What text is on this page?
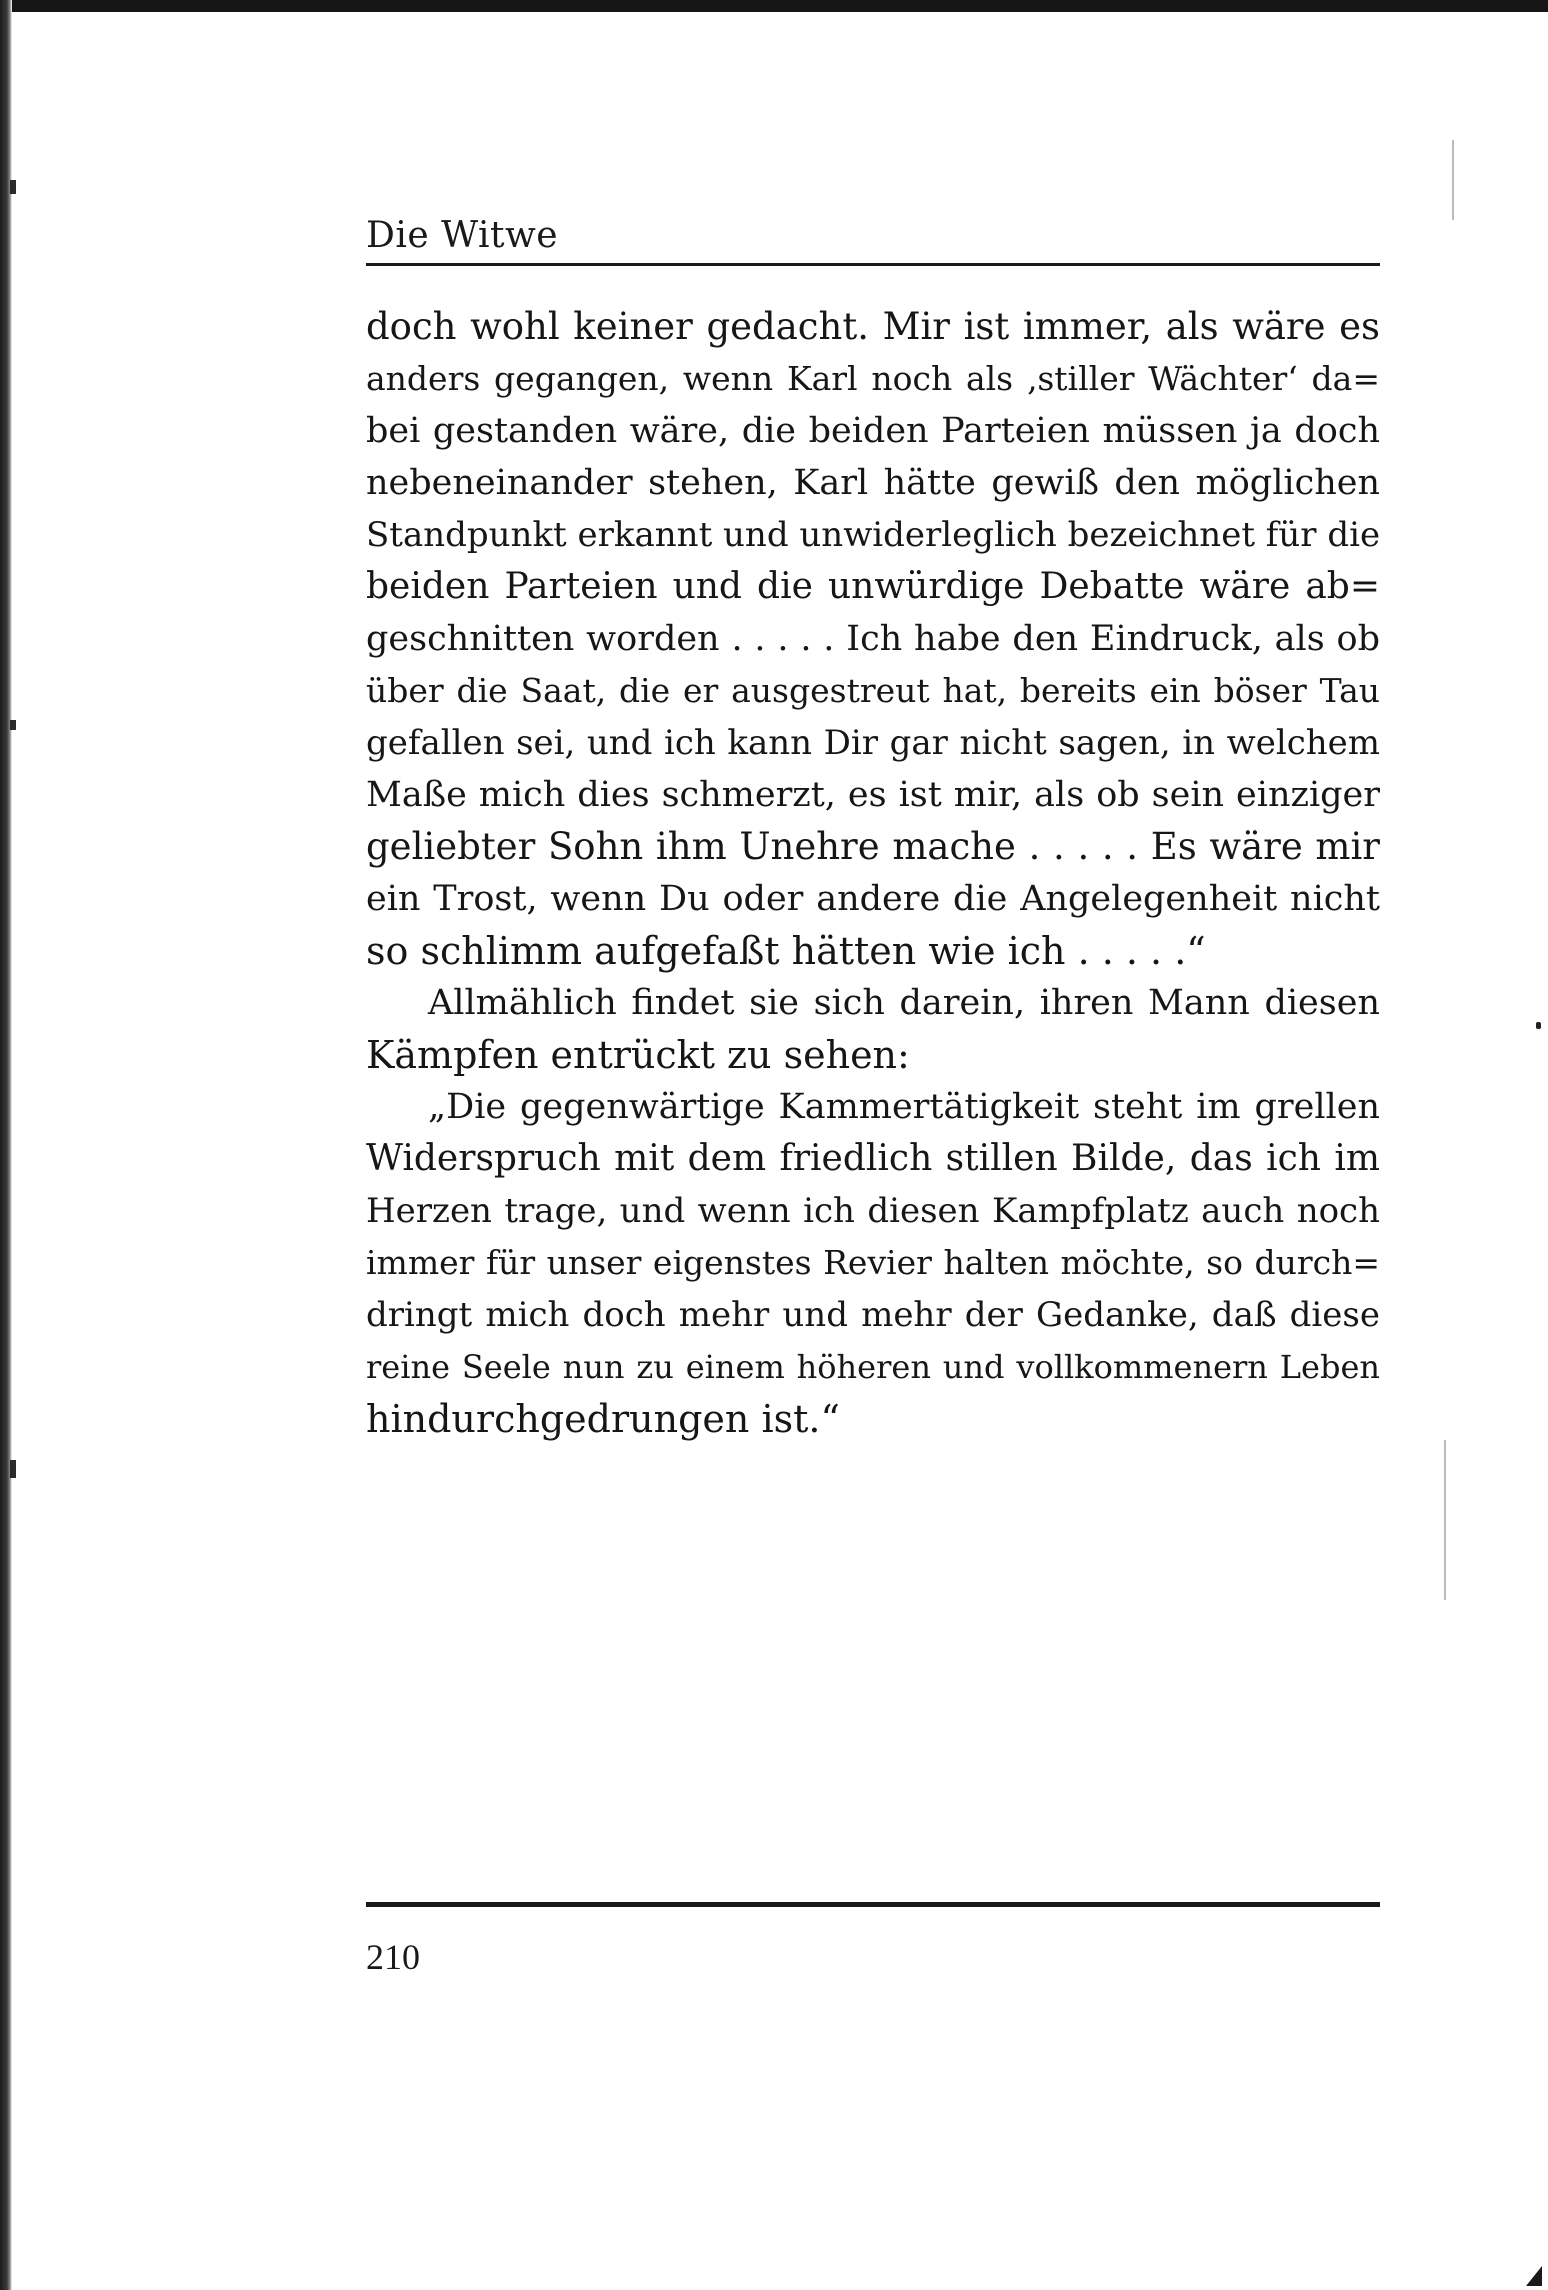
Die Witwe
doch wohl keiner gedacht. Mir ist immer, als wäre es
anders gegangen, wenn Karl noch als ‚stiller Wächter‘ da=
bei gestanden wäre, die beiden Parteien müssen ja doch
nebeneinander stehen, Karl hätte gewiß den möglichen
Standpunkt erkannt und unwiderleglich bezeichnet für die
beiden Parteien und die unwürdige Debatte wäre ab=
geschnitten worden . . . . . Ich habe den Eindruck, als ob
über die Saat, die er ausgestreut hat, bereits ein böser Tau
gefallen sei, und ich kann Dir gar nicht sagen, in welchem
Maße mich dies schmerzt, es ist mir, als ob sein einziger
geliebter Sohn ihm Unehre mache . . . . . Es wäre mir
ein Trost, wenn Du oder andere die Angelegenheit nicht
so schlimm aufgefaßt hätten wie ich . . . . .“
Allmählich findet sie sich darein, ihren Mann diesen
Kämpfen entrückt zu sehen:
„Die gegenwärtige Kammertätigkeit steht im grellen
Widerspruch mit dem friedlich stillen Bilde, das ich im
Herzen trage, und wenn ich diesen Kampfplatz auch noch
immer für unser eigenstes Revier halten möchte, so durch=
dringt mich doch mehr und mehr der Gedanke, daß diese
reine Seele nun zu einem höheren und vollkommenern Leben
hindurchgedrungen ist.“
210
